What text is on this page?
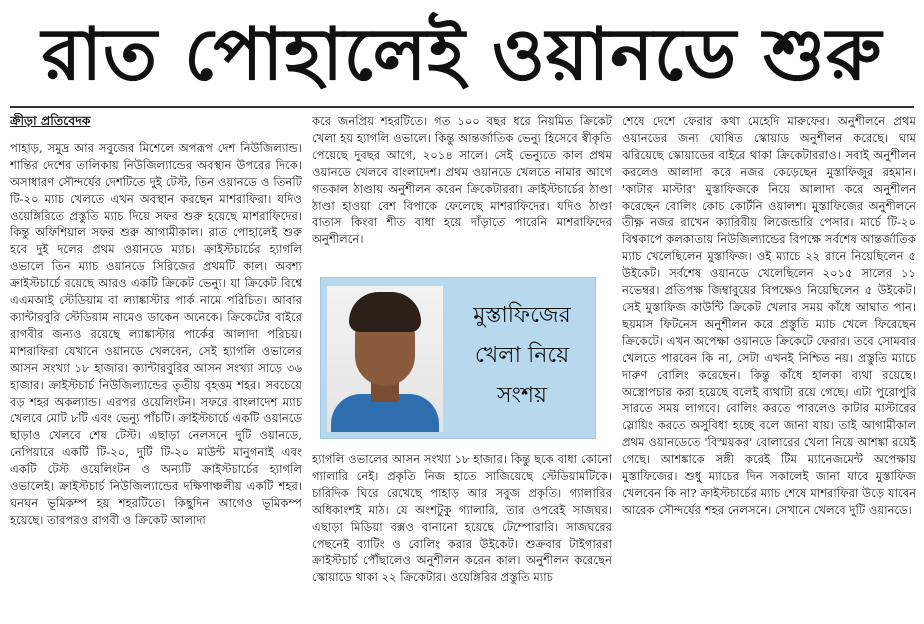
রাত পোহালেই ওয়ানডে শুরু
ক্রীড়া প্রতিবেদক

পাহাড়, সমুদ্র আর সবুজের মিশেলে অপরূপ দেশ নিউজিল্যান্ড। শান্তির দেশের তালিকায় নিউজিল্যান্ডের অবস্থান উপরের দিকে। অসাধারণ সৌন্দর্যের দেশটিতে দুই টেস্ট, তিন ওয়ানডে ও তিনটি টি-২০ ম্যাচ খেলতে এখন অবস্থান করছেন মাশরাফিরা। যদিও ওয়েঙ্গিরিতে প্রস্তুতি ম্যাচ দিয়ে সফর শুরু হয়েছে মাশরাফিদের। কিন্তু অফিশিয়াল সফর শুরু আগামীকাল। রাত পোহালেই শুরু হবে দুই দলের প্রথম ওয়ানডে ম্যাচ। ক্রাইস্টচার্চের হ্যাগলি ওভালে তিন ম্যাচ ওয়ানডে সিরিজের প্রথমটি কাল। অবশ্য ক্রাইস্টচার্চে রয়েছে আরও একটি ক্রিকেট ভেন্যু। যা ক্রিকেট বিশ্বে এএমআই স্টেডিয়াম বা ল্যাঙ্কাস্টার পার্ক নামে পরিচিত। আবার ক্যান্টারবুরি স্টেডিয়াম নামেও ডাকেন অনেকে। ক্রিকেটের বাইরে রাগবীর জন্যও রয়েছে ল্যাঙ্কাস্টার পার্কের আলাদা পরিচয়। মাশরাফিরা যেখানে ওয়ানডে খেলবেন, সেই হ্যাগলি ওভালের আসন সংখ্যা ১৮ হাজার। ক্যান্টারবুরির আসন সংখ্যা সাড়ে ৩৬ হাজার। ক্রাইস্টচার্চ নিউজিল্যান্ডের তৃতীয় বৃহত্তম শহর। সবচেয়ে বড় শহর অকল্যান্ড। এরপর ওয়েলিংটন। সফরে বাংলাদেশ ম্যাচ খেলবে মোট ৮টি এবং ভেন্যু পাঁচটি। ক্রাইস্টচার্চে একটি ওয়ানডে ছাড়াও খেলবে শেষ টেস্ট। এছাড়া নেলসনে দুটি ওয়ানডে, নেপিয়ারে একটি টি-২০, দুটি টি-২০ মাউন্ট মানুগনাই এবং একটি টেস্ট ওয়েলিংটন ও অন্যটি ক্রাইস্টচার্চের হ্যাগলি ওভালেই। ক্রাইস্টচার্চ নিউজিল্যান্ডের দক্ষিণাঞ্চলীয় একটি শহর। ঘনঘন ভূমিকম্প হয় শহরটিতে। কিছুদিন আগেও ভূমিকম্প হয়েছে। তারপরও রাগবী ও ক্রিকেট আলাদা

করে জনপ্রিয় শহরটিতে। গত ১০০ বছর ধরে নিয়মিত ক্রিকেট খেলা হয় হ্যাগলি ওভালে। কিন্তু আন্তর্জাতিক ভেন্যু হিসেবে স্বীকৃতি পেয়েছে দুবছর আগে, ২০১৪ সালে। সেই ভেন্যুতে কাল প্রথম ওয়ানডে খেলবে বাংলাদেশ। প্রথম ওয়ানডে খেলতে নামার আগে গতকাল ঠাণ্ডায় অনুশীলন করেন ক্রিকেটাররা। ক্রাইস্টচার্চের ঠাণ্ডা ঠাণ্ডা হাওয়া বেশ বিপাকে ফেলেছে মাশরাফিদের। যদিও ঠাণ্ডা বাতাস কিংবা শীত বাধা হয়ে দাঁড়াতে পারেনি মাশরাফিদের অনুশীলনে।

মুস্তাফিজের খেলা নিয়ে সংশয়

হ্যাগলি ওভালের আসন সংখ্যা ১৮ হাজার। কিন্তু ছকে বাধা কোনো গ্যালারি নেই। প্রকৃতি নিজ হাতে সাজিয়েছে স্টেডিয়ামটিকে। চারিদিক ঘিরে রেখেছে পাহাড় আর সবুজ প্রকৃতি। গ্যালারির অধিকাংশই মাঠ। যে অংশটুকু গ্যালারি, তার ওপরেই সাজঘর। এছাড়া মিডিয়া বক্সও বানানো হয়েছে টেম্পোরারি। সাজঘরের পেছনেই ব্যাটিং ও বোলিং করার উইকেট। শুক্রবার টাইগাররা ক্রাইস্টচার্চ পৌঁছালেও অনুশীলন করেন কাল। অনুশীলন করেছেন স্কোয়াডে থাকা ২২ ক্রিকেটার। ওয়েঙ্গিরির প্রস্তুতি ম্যাচ

শেষে দেশে ফেরার কথা মেহেদি মারুফের। অনুশীলনে প্রথম ওয়ানডের জন্য ঘোষিত স্কোয়াড অনুশীলন করেছে। ঘাম ঝরিয়েছে স্কোয়াডের বাইরে থাকা ক্রিকেটাররাও। সবাই অনুশীলন করলেও আলাদা করে নজর কেড়েছেন মুস্তাফিজুর রহমান। 'কাটার মাস্টার' মুস্তাফিজকে নিয়ে আলাদা করে অনুশীলন করেছেন বোলিং কোচ কোর্টনি ওয়ালশ। মুস্তাফিজের অনুশীলনে তীক্ষ্ণ নজর রাখেন ক্যারিবীয় লিজেন্ডারি পেসার। মার্চে টি-২০ বিশ্বকাপে কলকাতায় নিউজিল্যান্ডের বিপক্ষে সর্বশেষ আন্তর্জাতিক ম্যাচ খেলেছিলেন মুস্তাফিজ। ওই ম্যাচে ২২ রানে নিয়েছিলেন ৫ উইকেট। সর্বশেষ ওয়ানডে খেলেছিলেন ২০১৫ সালের ১১ নভেম্বর। প্রতিপক্ষ জিম্বাবুয়ের বিপক্ষেও নিয়েছিলেন ৫ উইকেট। সেই মুস্তাফিজ কাউন্টি ক্রিকেট খেলার সময় কাঁধে আঘাত পান। ছয়মাস ফিটনেস অনুশীলন করে প্রস্তুতি ম্যাচ খেলে ফিরেছেন ক্রিকেটে। এখন অপেক্ষা ওয়ানডে ক্রিকেটে ফেরার। তবে সোমবার খেলতে পারবেন কি না, সেটা এখনই নিশ্চিত নয়। প্রস্তুতি ম্যাচে দারুণ বোলিং করেছেন। কিন্তু কাঁধে হালকা ব্যথা রয়েছে। অস্ত্রোপচার করা হয়েছে বলেই ব্যথাটা রয়ে গেছে। এটা পুরোপুরি সারতে সময় লাগবে। বোলিং করতে পারলেও কাটার মাস্টারের স্লোয়িং করতে অসুবিধা হচ্ছে বলে জানা যায়। তাই আগামীকাল প্রথম ওয়ানডেতে 'বিস্ময়কর' বোলারের খেলা নিয়ে আশঙ্কা রয়েই গেছে। আশঙ্কাকে সঙ্গী করেই টিম ম্যানেজমেন্ট অপেক্ষায় মুস্তাফিজের। শুধু ম্যাচের দিন সকালেই জানা যাবে মুস্তাফিজ খেলবেন কি না? ক্রাইস্টচার্চের ম্যাচ শেষে মাশরাফিরা উড়ে যাবেন আরেক সৌন্দর্যের শহর নেলসনে। সেখানে খেলবে দুটি ওয়ানডে।
